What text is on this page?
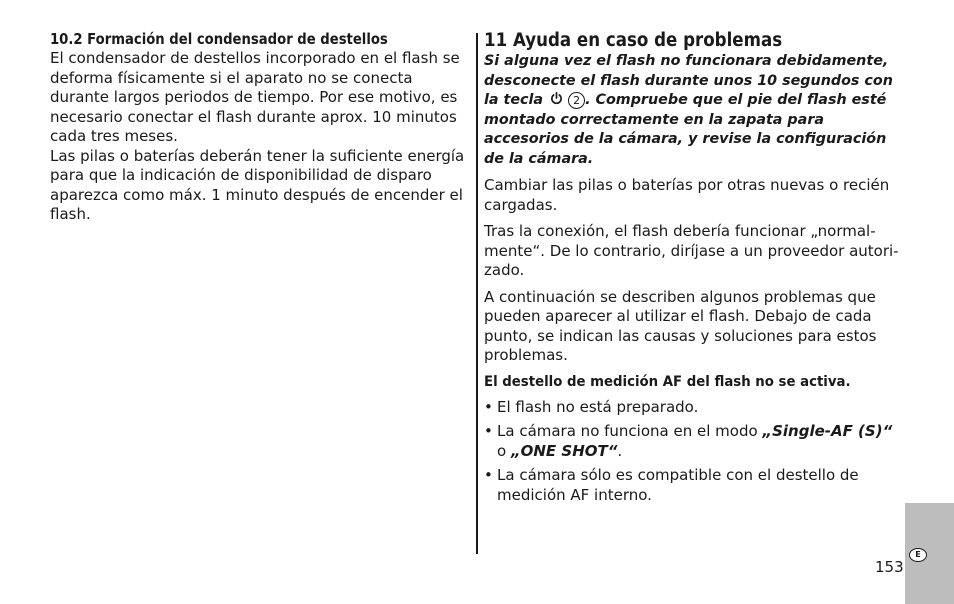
10.2 Formación del condensador de destellos

El condensador de destellos incorporado en el flash se deforma físicamente si el aparato no se conecta durante largos periodos de tiempo. Por ese motivo, es necesario conectar el flash durante aprox. 10 minutos cada tres meses.

Las pilas o baterías deberán tener la suficiente energía para que la indicación de disponibilidad de disparo aparezca como máx. 1 minuto después de encender el flash.

11 Ayuda en caso de problemas

Si alguna vez el flash no funcionara debidamente, desconecte el flash durante unos 10 segundos con la tecla	2 . Compruebe que el pie del flash esté montado correctamente en la zapata para accesorios de la cámara, y revise la configuración de la cámara.

Cambiar las pilas o baterías por otras nuevas o recién cargadas.

Tras la conexión, el flash debería funcionar „normal-mente“. De lo contrario, diríjase a un proveedor autori-zado.

A continuación se describen algunos problemas que pueden aparecer al utilizar el flash. Debajo de cada punto, se indican las causas y soluciones para estos problemas.

El destello de medición AF del flash no se activa.

• El flash no está preparado.
• La cámara no funciona en el modo „Single-AF (S)“ o „ONE SHOT“.
• La cámara sólo es compatible con el destello de medición AF interno.
153
E
